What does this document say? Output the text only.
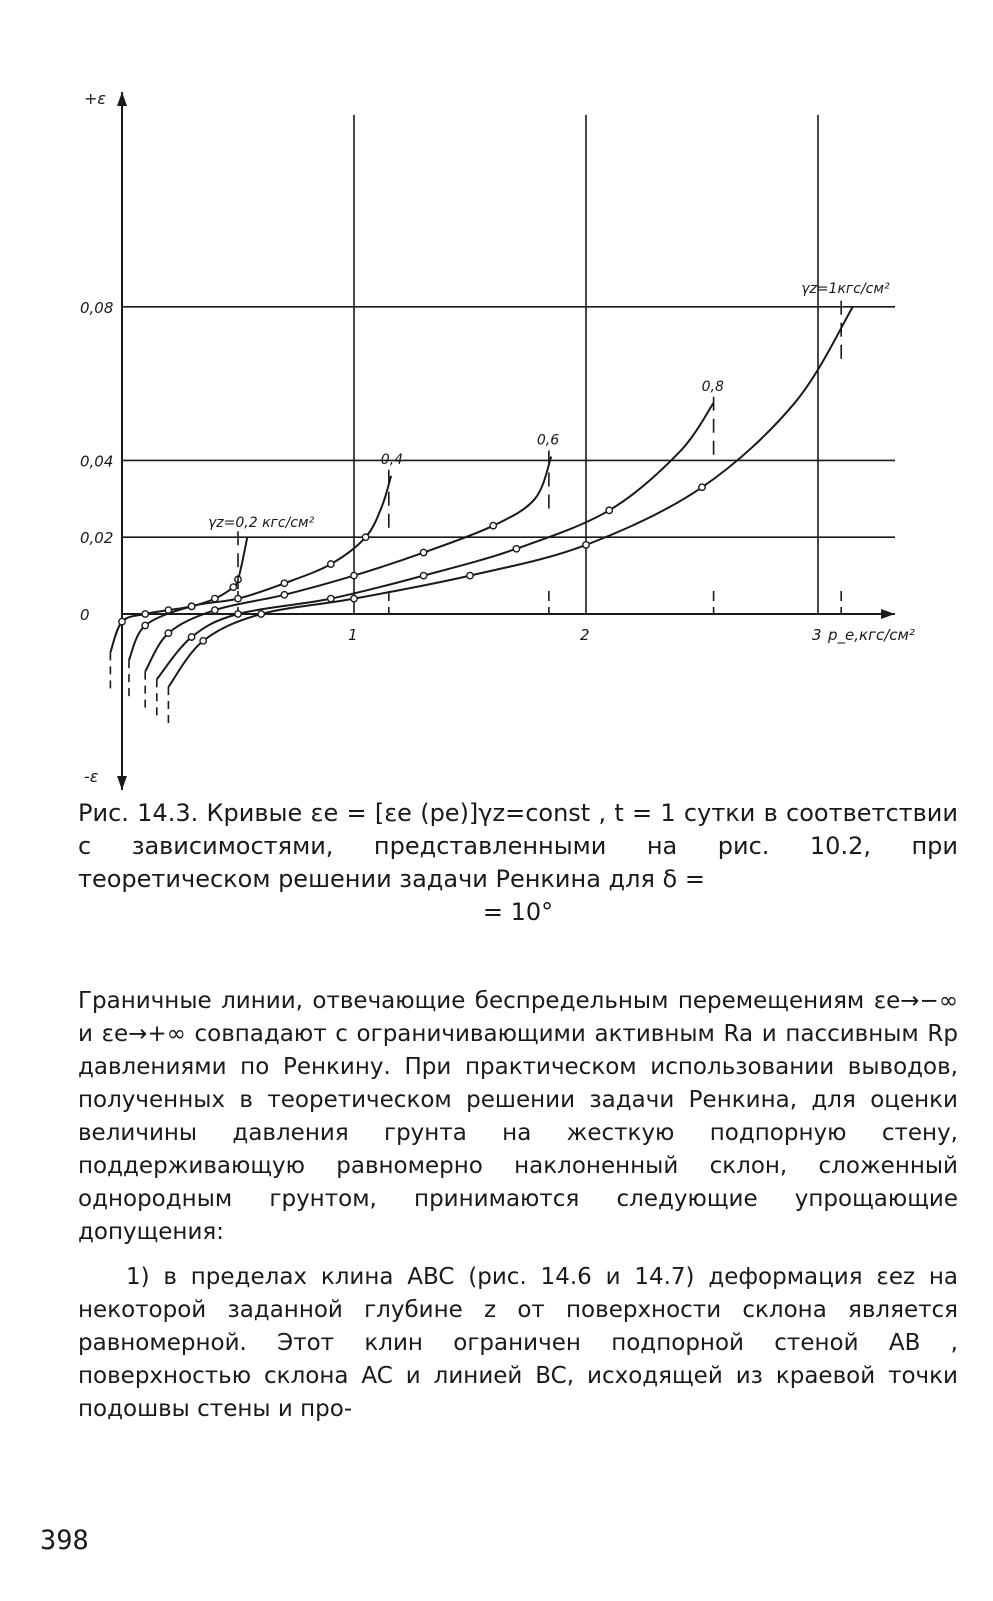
0,08
0,04
0,02
0
1	2	3
+ε
-ε
p_e,кгс/см²
γz=0,2 кгс/см²
0,4
0,6
0,8
γz=1кгс/см²
Рис. 14.3. Кривые εe = [εe (pe)]γz=const , t = 1 сутки в соответствии с зависимостями, представленными на рис. 10.2, при теоретическом решении задачи Ренкина для δ =
= 10°

Граничные линии, отвечающие беспредельным перемещениям εe→−∞ и εe→+∞ совпадают с ограничивающими активным Ra и пассивным Rp давлениями по Ренкину. При практическом использовании выводов, полученных в теоретическом решении задачи Ренкина, для оценки величины давления грунта на жесткую подпорную стену, поддерживающую равномерно наклоненный склон, сложенный однородным грунтом, принимаются следующие упрощающие допущения:

1) в пределах клина ABC (рис. 14.6 и 14.7) деформация εez на некоторой заданной глубине z от поверхности склона является равномерной. Этот клин ограничен подпорной стеной AB , поверхностью склона AC и линией BC, исходящей из краевой точки подошвы стены и про-

398
